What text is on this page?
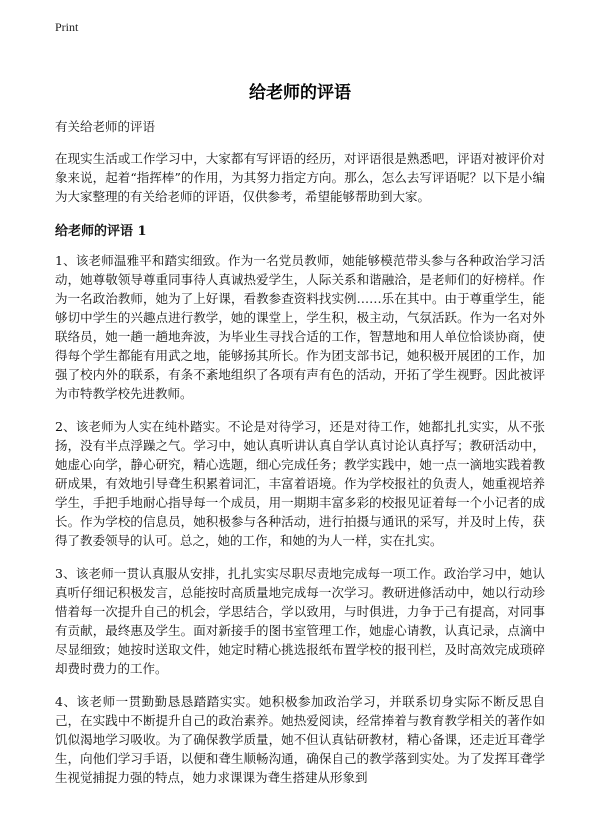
Print
给老师的评语
有关给老师的评语

在现实生活或工作学习中，大家都有写评语的经历，对评语很是熟悉吧，评语对被评价对象来说，起着“指挥棒”的作用，为其努力指定方向。那么，怎么去写评语呢？以下是小编为大家整理的有关给老师的评语，仅供参考，希望能够帮助到大家。

给老师的评语 1

1、该老师温雅平和踏实细致。作为一名党员教师，她能够模范带头参与各种政治学习活动，她尊敬领导尊重同事待人真诚热爱学生，人际关系和谐融洽，是老师们的好榜样。作为一名政治教师，她为了上好课，看教参查资料找实例……乐在其中。由于尊重学生，能够切中学生的兴趣点进行教学，她的课堂上，学生积，极主动，气氛活跃。作为一名对外联络员，她一趟一趟地奔波，为毕业生寻找合适的工作，智慧地和用人单位恰谈协商，使得每个学生都能有用武之地，能够扬其所长。作为团支部书记，她积极开展团的工作，加强了校内外的联系，有条不紊地组织了各项有声有色的活动，开拓了学生视野。因此被评为市特教学校先进教师。

2、该老师为人实在纯朴踏实。不论是对待学习，还是对待工作，她都扎扎实实，从不张扬，没有半点浮躁之气。学习中，她认真听讲认真自学认真讨论认真抒写；教研活动中，她虚心向学，静心研究，精心选题，细心完成任务；教学实践中，她一点一滴地实践着教研成果，有效地引导聋生积累着词汇，丰富着语境。作为学校报社的负责人，她重视培养学生，手把手地耐心指导每一个成员，用一期期丰富多彩的校报见证着每一个小记者的成长。作为学校的信息员，她积极参与各种活动，进行拍摄与通讯的采写，并及时上传，获得了教委领导的认可。总之，她的工作，和她的为人一样，实在扎实。

3、该老师一贯认真服从安排，扎扎实实尽职尽责地完成每一项工作。政治学习中，她认真听仔细记积极发言，总能按时高质量地完成每一次学习。教研进修活动中，她以行动珍惜着每一次提升自己的机会，学思结合，学以致用，与时俱进，力争于己有提高，对同事有贡献，最终惠及学生。面对新接手的图书室管理工作，她虚心请教，认真记录，点滴中尽显细致；她按时送取文件，她定时精心挑选报纸布置学校的报刊栏，及时高效完成琐碎却费时费力的工作。

4、该老师一贯勤勤恳恳踏踏实实。她积极参加政治学习，并联系切身实际不断反思自己，在实践中不断提升自己的政治素养。她热爱阅读，经常捧着与教育教学相关的著作如饥似渴地学习吸收。为了确保教学质量，她不但认真钻研教材，精心备课，还走近耳聋学生，向他们学习手语，以便和聋生顺畅沟通，确保自己的教学落到实处。为了发挥耳聋学生视觉捕捉力强的特点，她力求课课为聋生搭建从形象到
